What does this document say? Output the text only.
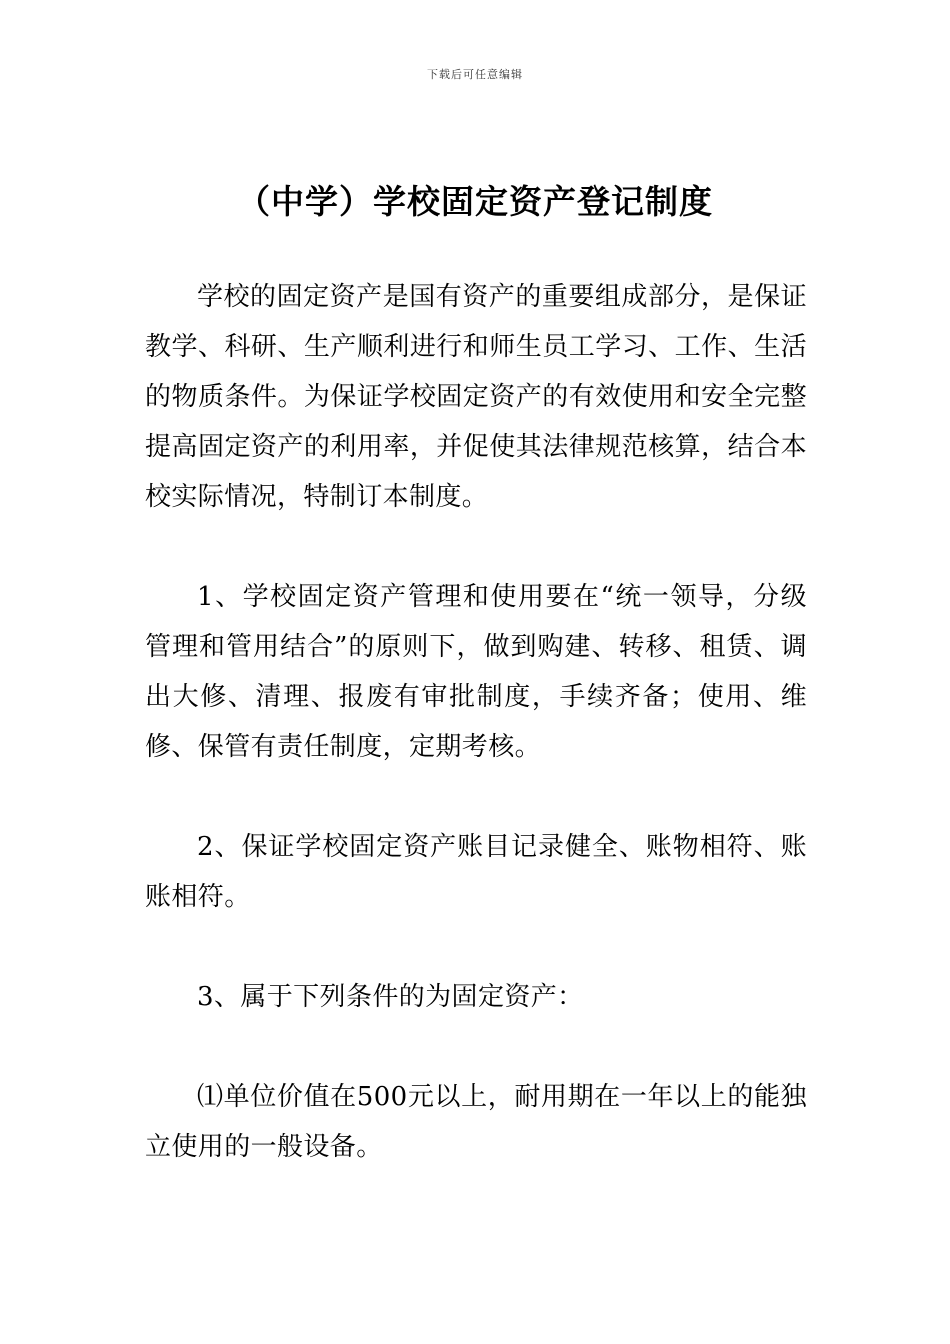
下载后可任意编辑
（中学）学校固定资产登记制度

学校的固定资产是国有资产的重要组成部分，是保证教学、科研、生产顺利进行和师生员工学习、工作、生活的物质条件。为保证学校固定资产的有效使用和安全完整提高固定资产的利用率，并促使其法律规范核算，结合本校实际情况，特制订本制度。

1、学校固定资产管理和使用要在“统一领导，分级管理和管用结合”的原则下，做到购建、转移、租赁、调出大修、清理、报废有审批制度，手续齐备；使用、维修、保管有责任制度，定期考核。

2、保证学校固定资产账目记录健全、账物相符、账账相符。

3、属于下列条件的为固定资产：

⑴单位价值在500元以上，耐用期在一年以上的能独立使用的一般设备。
